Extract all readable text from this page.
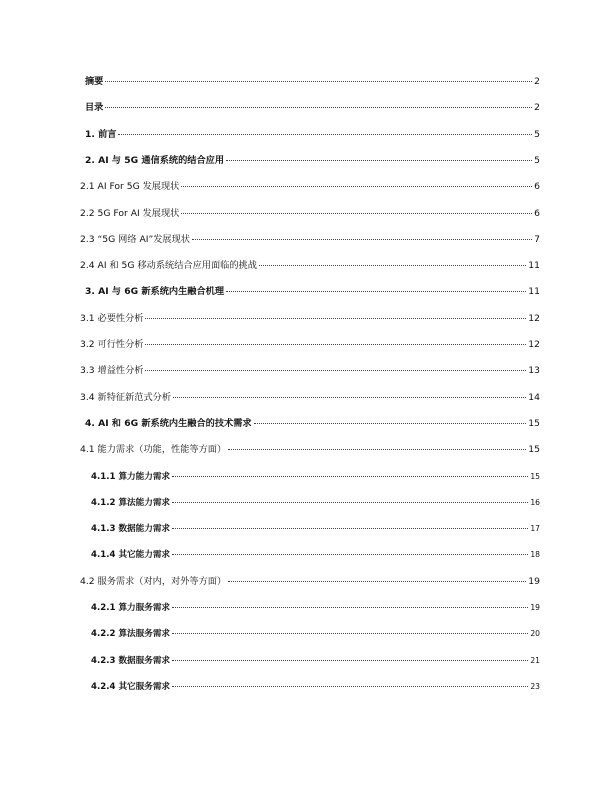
摘要	2
目录	2
1. 前言	5
2. AI 与 5G 通信系统的结合应用	5
2.1 AI For 5G 发展现状	6
2.2 5G For AI 发展现状	6
2.3 “5G 网络 AI”发展现状	7
2.4 AI 和 5G 移动系统结合应用面临的挑战	11
3. AI 与 6G 新系统内生融合机理	11
3.1 必要性分析	12
3.2 可行性分析	12
3.3 增益性分析	13
3.4 新特征新范式分析	14
4. AI 和 6G 新系统内生融合的技术需求	15
4.1 能力需求（功能，性能等方面）	15
4.1.1 算力能力需求	15
4.1.2 算法能力需求	16
4.1.3 数据能力需求	17
4.1.4 其它能力需求	18
4.2 服务需求（对内，对外等方面）	19
4.2.1 算力服务需求	19
4.2.2 算法服务需求	20
4.2.3 数据服务需求	21
4.2.4 其它服务需求	23
